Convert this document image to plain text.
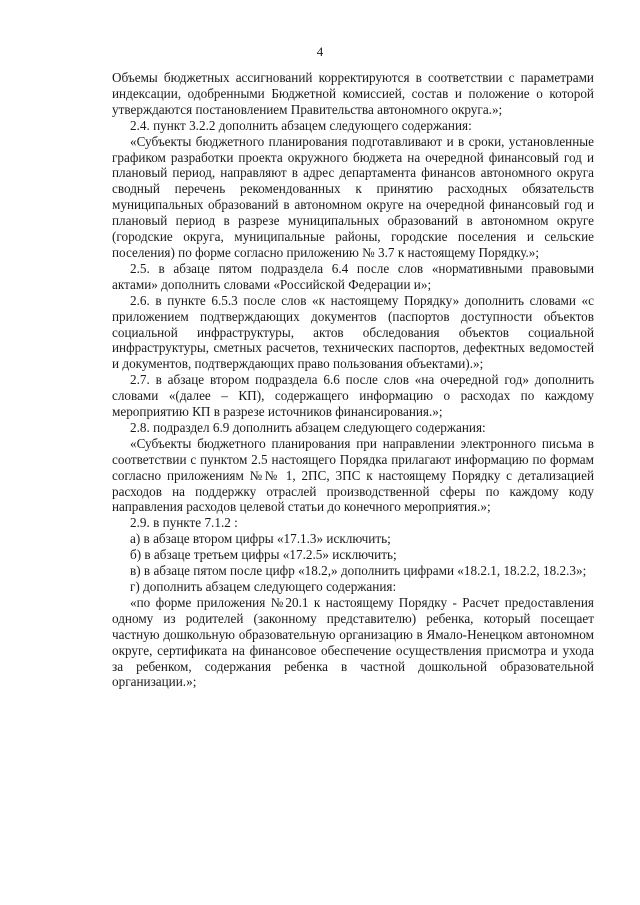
4

Объемы бюджетных ассигнований корректируются в соответствии с параметрами индексации, одобренными Бюджетной комиссией, состав и положение о которой утверждаются постановлением Правительства автономного округа.»;

2.4. пункт 3.2.2 дополнить абзацем следующего содержания:

«Субъекты бюджетного планирования подготавливают и в сроки, установленные графиком разработки проекта окружного бюджета на очередной финансовый год и плановый период, направляют в адрес департамента финансов автономного округа сводный перечень рекомендованных к принятию расходных обязательств муниципальных образований в автономном округе на очередной финансовый год и плановый период в разрезе муниципальных образований в автономном округе (городские округа, муниципальные районы, городские поселения и сельские поселения) по форме согласно приложению № 3.7 к настоящему Порядку.»;

2.5. в абзаце пятом подраздела 6.4 после слов «нормативными правовыми актами» дополнить словами «Российской Федерации и»;

2.6. в пункте 6.5.3 после слов «к настоящему Порядку» дополнить словами «с приложением подтверждающих документов (паспортов доступности объектов социальной инфраструктуры, актов обследования объектов социальной инфраструктуры, сметных расчетов, технических паспортов, дефектных ведомостей и документов, подтверждающих право пользования объектами).»;

2.7. в абзаце втором подраздела 6.6 после слов «на очередной год» дополнить словами «(далее – КП), содержащего информацию о расходах по каждому мероприятию КП в разрезе источников финансирования.»;

2.8. подраздел 6.9 дополнить абзацем следующего содержания:

«Субъекты бюджетного планирования при направлении электронного письма в соответствии с пунктом 2.5 настоящего Порядка прилагают информацию по формам согласно приложениям №№ 1, 2ПС, 3ПС к настоящему Порядку с детализацией расходов на поддержку отраслей производственной сферы по каждому коду направления расходов целевой статьи до конечного мероприятия.»;

2.9. в пункте 7.1.2 :

а) в абзаце втором цифры «17.1.3» исключить;

б) в абзаце третьем цифры «17.2.5» исключить;

в) в абзаце пятом после цифр «18.2,» дополнить цифрами «18.2.1, 18.2.2, 18.2.3»;

г) дополнить абзацем следующего содержания:

«по форме приложения №20.1 к настоящему Порядку - Расчет предоставления одному из родителей (законному представителю) ребенка, который посещает частную дошкольную образовательную организацию в Ямало-Ненецком автономном округе, сертификата на финансовое обеспечение осуществления присмотра и ухода за ребенком, содержания ребенка в частной дошкольной образовательной организации.»;
